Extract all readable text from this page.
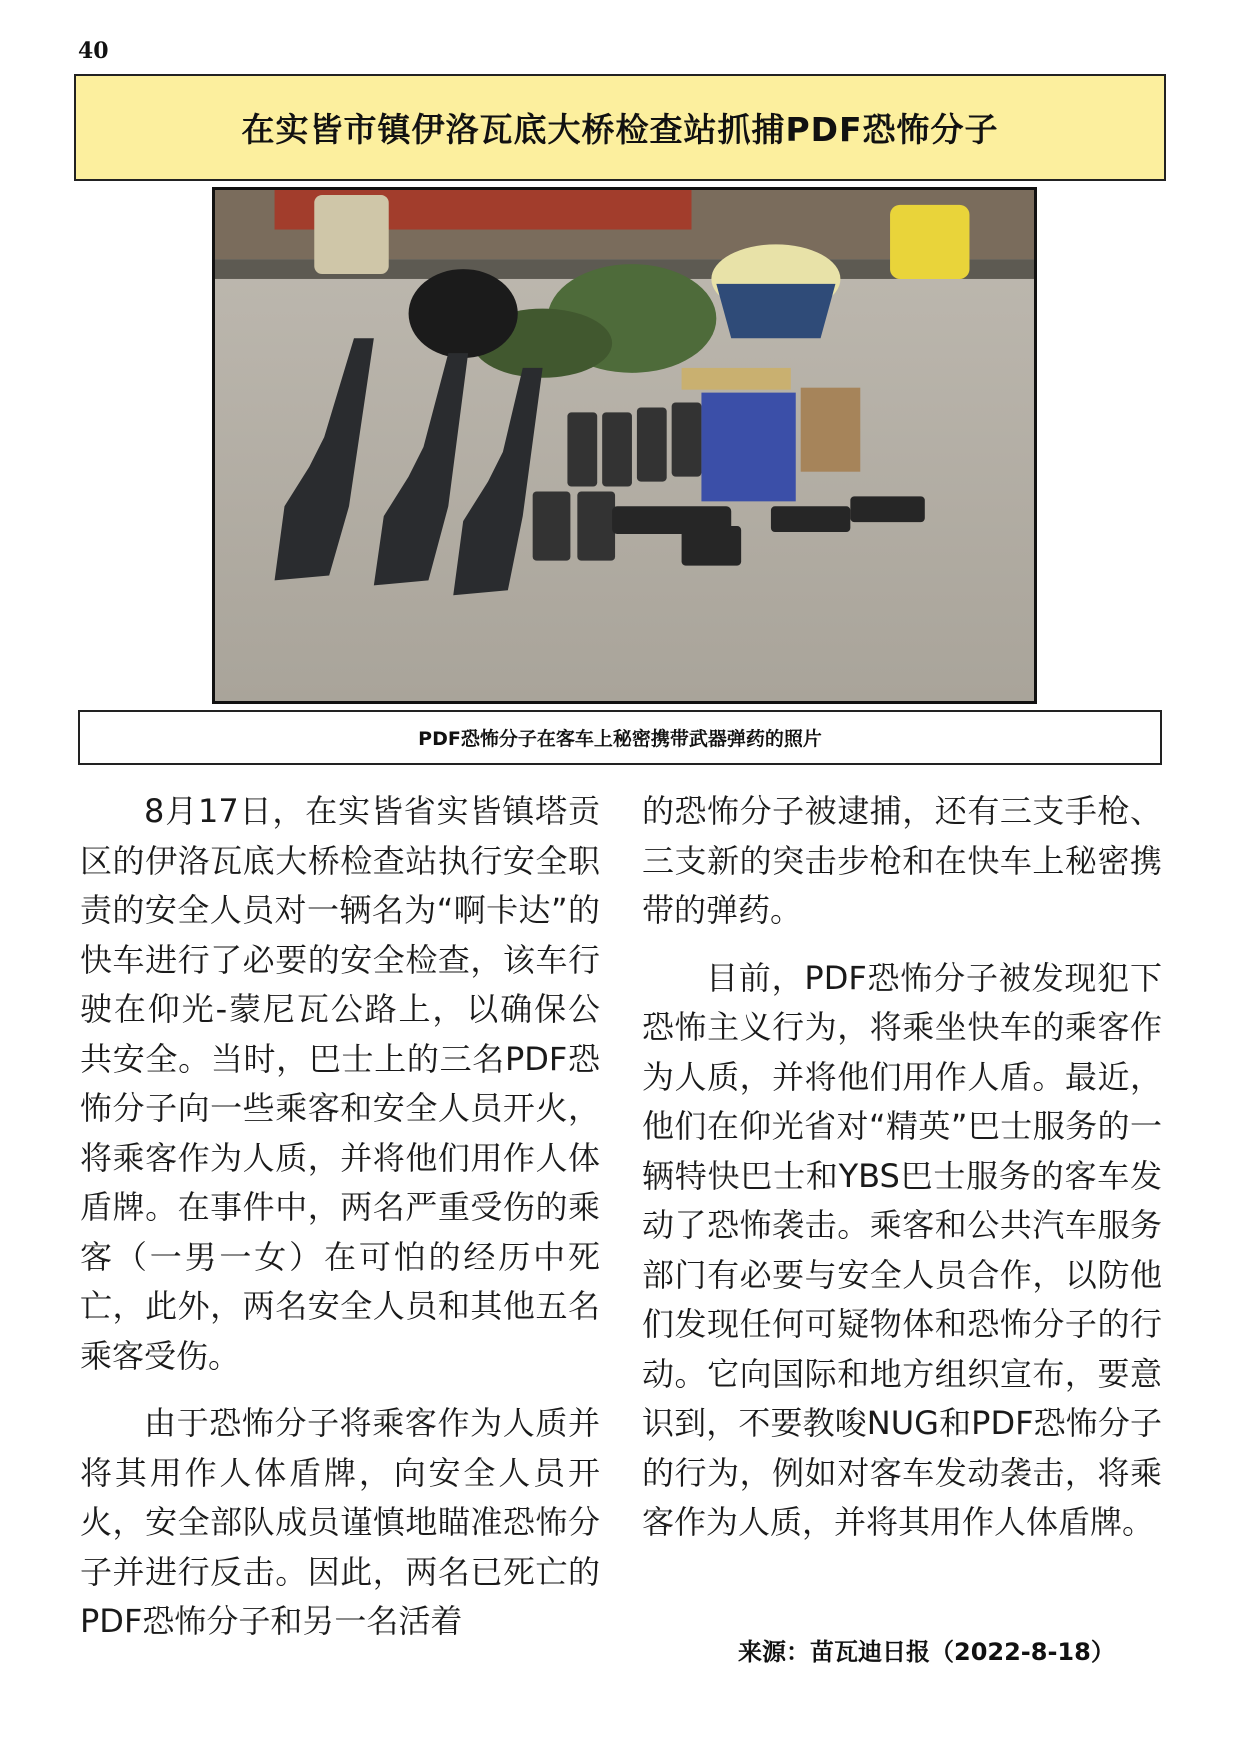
40
在实皆市镇伊洛瓦底大桥检查站抓捕PDF恐怖分子
PDF恐怖分子在客车上秘密携带武器弹药的照片

8月17日，在实皆省实皆镇塔贡区的伊洛瓦底大桥检查站执行安全职责的安全人员对一辆名为“啊卡达”的快车进行了必要的安全检查，该车行驶在仰光-蒙尼瓦公路上，以确保公共安全。当时，巴士上的三名PDF恐怖分子向一些乘客和安全人员开火，将乘客作为人质，并将他们用作人体盾牌。在事件中，两名严重受伤的乘客（一男一女）在可怕的经历中死亡，此外，两名安全人员和其他五名乘客受伤。

由于恐怖分子将乘客作为人质并将其用作人体盾牌，向安全人员开火，安全部队成员谨慎地瞄准恐怖分子并进行反击。因此，两名已死亡的PDF恐怖分子和另一名活着

的恐怖分子被逮捕，还有三支手枪、三支新的突击步枪和在快车上秘密携带的弹药。

目前，PDF恐怖分子被发现犯下恐怖主义行为，将乘坐快车的乘客作为人质，并将他们用作人盾。最近，他们在仰光省对“精英”巴士服务的一辆特快巴士和YBS巴士服务的客车发动了恐怖袭击。乘客和公共汽车服务部门有必要与安全人员合作，以防他们发现任何可疑物体和恐怖分子的行动。它向国际和地方组织宣布，要意识到，不要教唆NUG和PDF恐怖分子的行为，例如对客车发动袭击，将乘客作为人质，并将其用作人体盾牌。

来源：苗瓦迪日报（2022-8-18）
